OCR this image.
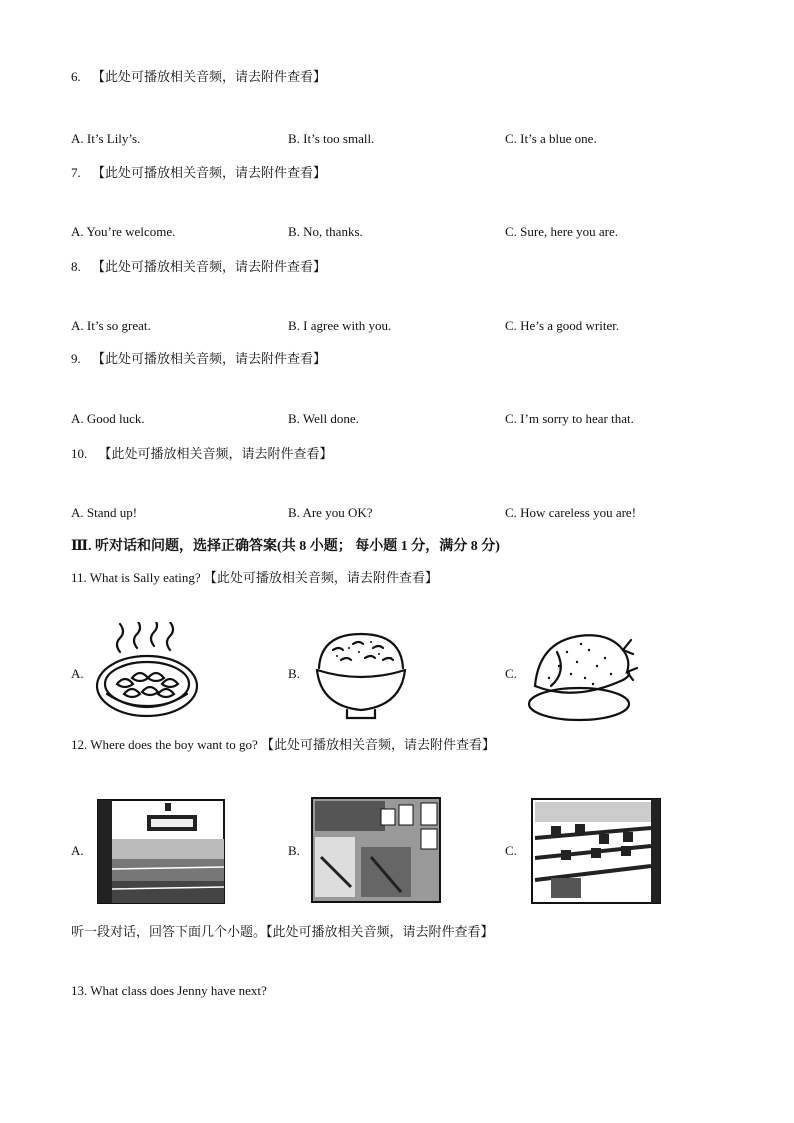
6. 【此处可播放相关音频，请去附件查看】
A. It’s Lily’s.	B. It’s too small.	C. It’s a blue one.
7. 【此处可播放相关音频，请去附件查看】
A. You’re welcome.	B. No, thanks.	C. Sure, here you are.
8. 【此处可播放相关音频，请去附件查看】
A. It’s so great.	B. I agree with you.	C. He’s a good writer.
9. 【此处可播放相关音频，请去附件查看】
A. Good luck.	B. Well done.	C. I’m sorry to hear that.
10. 【此处可播放相关音频，请去附件查看】
A. Stand up!	B. Are you OK?	C. How careless you are!
Ⅲ. 听对话和问题，选择正确答案(共 8 小题； 每小题 1 分，满分 8 分)
11. What is Sally eating? 【此处可播放相关音频，请去附件查看】
A.	B.	C.
12. Where does the boy want to go? 【此处可播放相关音频，请去附件查看】
A.	B.	C.
听一段对话，回答下面几个小题。【此处可播放相关音频，请去附件查看】
13. What class does Jenny have next?
